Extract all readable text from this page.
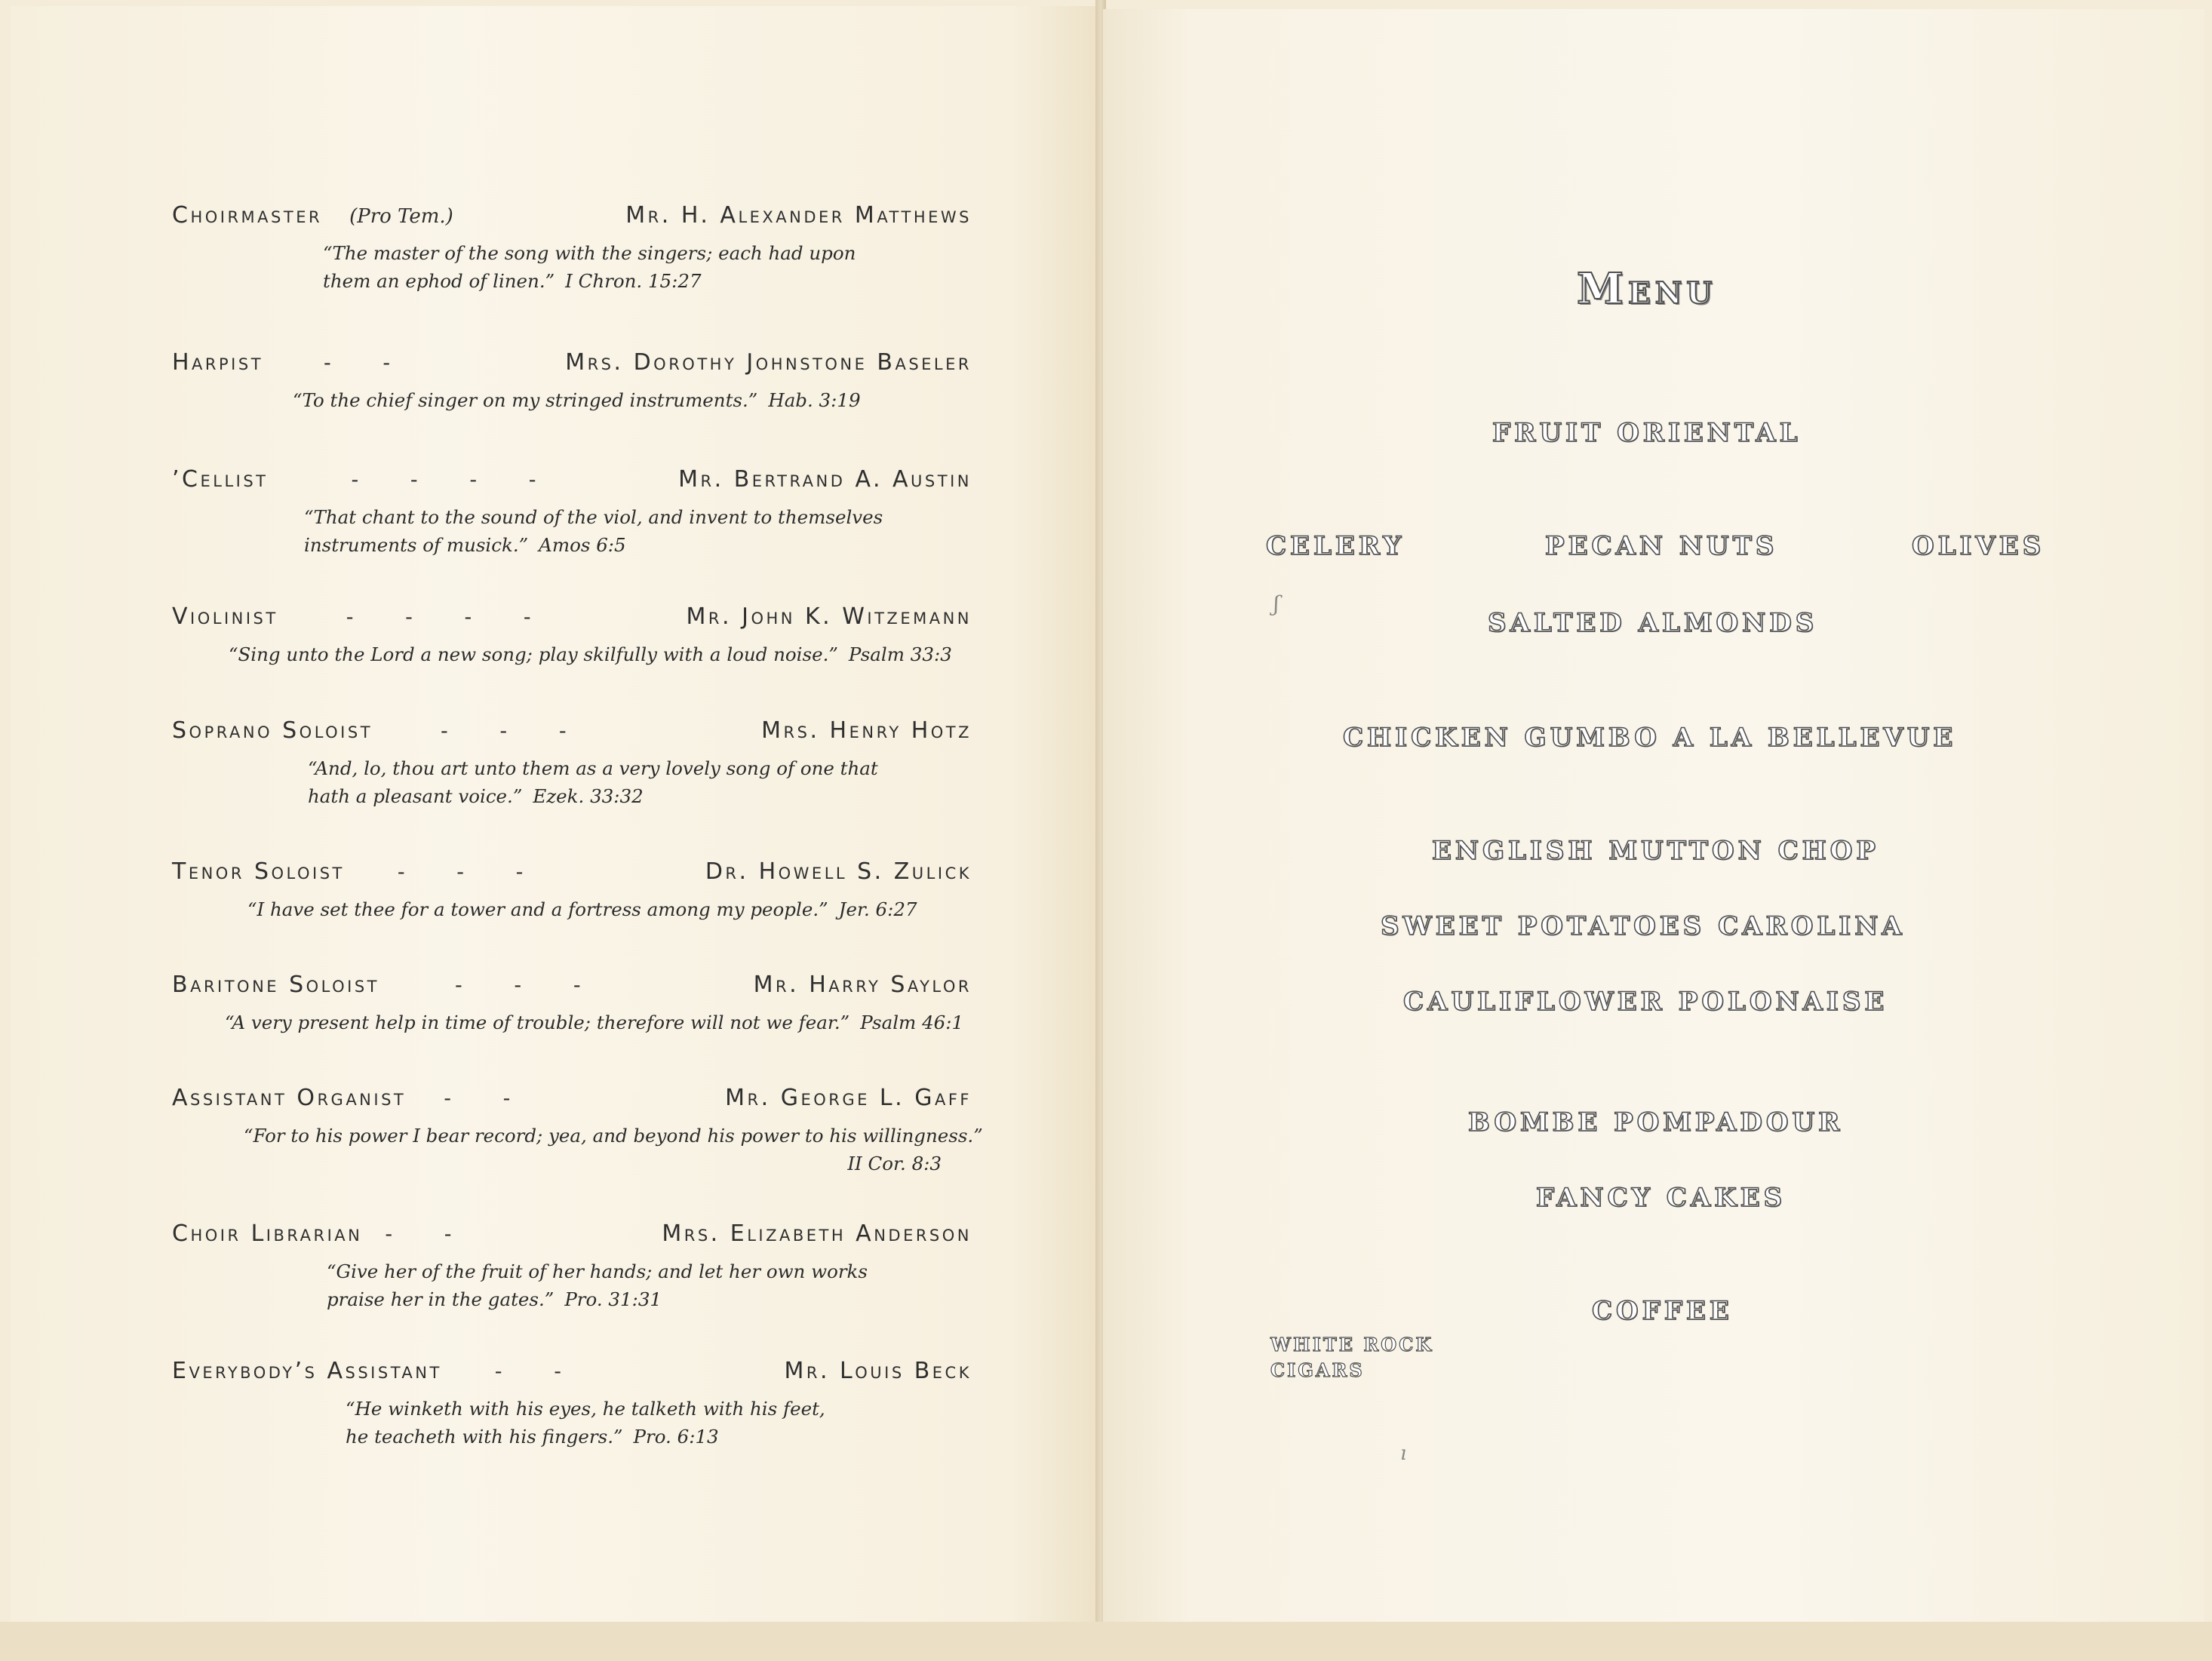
Choirmaster (Pro Tem.)	Mr. H. Alexander Matthews
“The master of the song with the singers; each had upon
them an ephod of linen.” I Chron. 15:27
Harpist	-        -	Mrs. Dorothy Johnstone Baseler
“To the chief singer on my stringed instruments.” Hab. 3:19
’Cellist	-        -        -        -	Mr. Bertrand A. Austin
“That chant to the sound of the viol, and invent to themselves
instruments of musick.” Amos 6:5
Violinist	-        -        -        -	Mr. John K. Witzemann
“Sing unto the Lord a new song; play skilfully with a loud noise.” Psalm 33:3
Soprano Soloist	-        -        -	Mrs. Henry Hotz
“And, lo, thou art unto them as a very lovely song of one that
hath a pleasant voice.” Ezek. 33:32
Tenor Soloist	-        -        -	Dr. Howell S. Zulick
“I have set thee for a tower and a fortress among my people.” Jer. 6:27
Baritone Soloist	-        -        -	Mr. Harry Saylor
“A very present help in time of trouble; therefore will not we fear.” Psalm 46:1
Assistant Organist -        -	Mr. George L. Gaff
“For to his power I bear record; yea, and beyond his power to his willingness.”
II Cor. 8:3
Choir Librarian -        -	Mrs. Elizabeth Anderson
“Give her of the fruit of her hands; and let her own works
praise her in the gates.” Pro. 31:31
Everybody’s Assistant	-        -	Mr. Louis Beck
“He winketh with his eyes, he talketh with his feet,
he teacheth with his fingers.” Pro. 6:13
Menu
FRUIT ORIENTAL
CELERY	PECAN NUTS	OLIVES
SALTED ALMONDS
CHICKEN GUMBO A LA BELLEVUE
ENGLISH MUTTON CHOP
SWEET POTATOES CAROLINA
CAULIFLOWER POLONAISE
BOMBE POMPADOUR
FANCY CAKES
COFFEE
WHITE ROCK
CIGARS
ʃ
ı
